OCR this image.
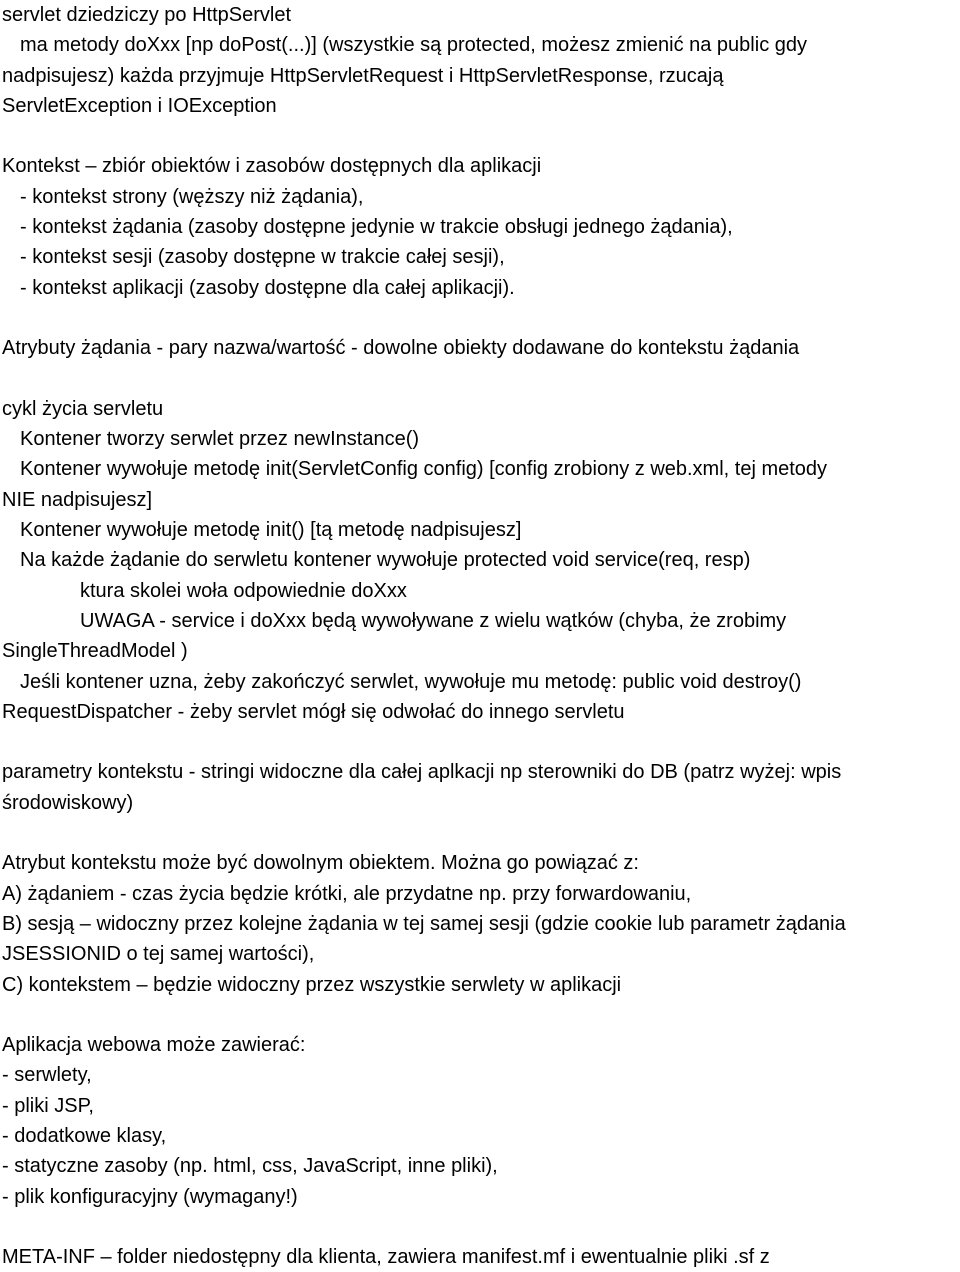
servlet dziedziczy po HttpServlet

ma metody doXxx [np doPost(...)] (wszystkie są protected, możesz zmienić na public gdy

nadpisujesz) każda przyjmuje HttpServletRequest i HttpServletResponse, rzucają

ServletException i IOException

Kontekst – zbiór obiektów i zasobów dostępnych dla aplikacji

- kontekst strony (węższy niż żądania),

- kontekst żądania (zasoby dostępne jedynie w trakcie obsługi jednego żądania),

- kontekst sesji (zasoby dostępne w trakcie całej sesji),

- kontekst aplikacji (zasoby dostępne dla całej aplikacji).

Atrybuty żądania - pary nazwa/wartość - dowolne obiekty dodawane do kontekstu żądania

cykl życia servletu

Kontener tworzy serwlet przez newInstance()

Kontener wywołuje metodę init(ServletConfig config) [config zrobiony z web.xml, tej metody

NIE nadpisujesz]

Kontener wywołuje metodę init() [tą metodę nadpisujesz]

Na każde żądanie do serwletu kontener wywołuje protected void service(req, resp)

ktura skolei woła odpowiednie doXxx

UWAGA - service i doXxx będą wywoływane z wielu wątków (chyba, że zrobimy

SingleThreadModel )

Jeśli kontener uzna, żeby zakończyć serwlet, wywołuje mu metodę: public void destroy()

RequestDispatcher - żeby servlet mógł się odwołać do innego servletu

parametry kontekstu - stringi widoczne dla całej aplkacji np sterowniki do DB (patrz wyżej: wpis

środowiskowy)

Atrybut kontekstu może być dowolnym obiektem. Można go powiązać z:

A) żądaniem - czas życia będzie krótki, ale przydatne np. przy forwardowaniu,

B) sesją – widoczny przez kolejne żądania w tej samej sesji (gdzie cookie lub parametr żądania

JSESSIONID o tej samej wartości),

C) kontekstem – będzie widoczny przez wszystkie serwlety w aplikacji

Aplikacja webowa może zawierać:

- serwlety,

- pliki JSP,

- dodatkowe klasy,

- statyczne zasoby (np. html, css, JavaScript, inne pliki),

- plik konfiguracyjny (wymagany!)

META-INF – folder niedostępny dla klienta, zawiera manifest.mf i ewentualnie pliki .sf z
